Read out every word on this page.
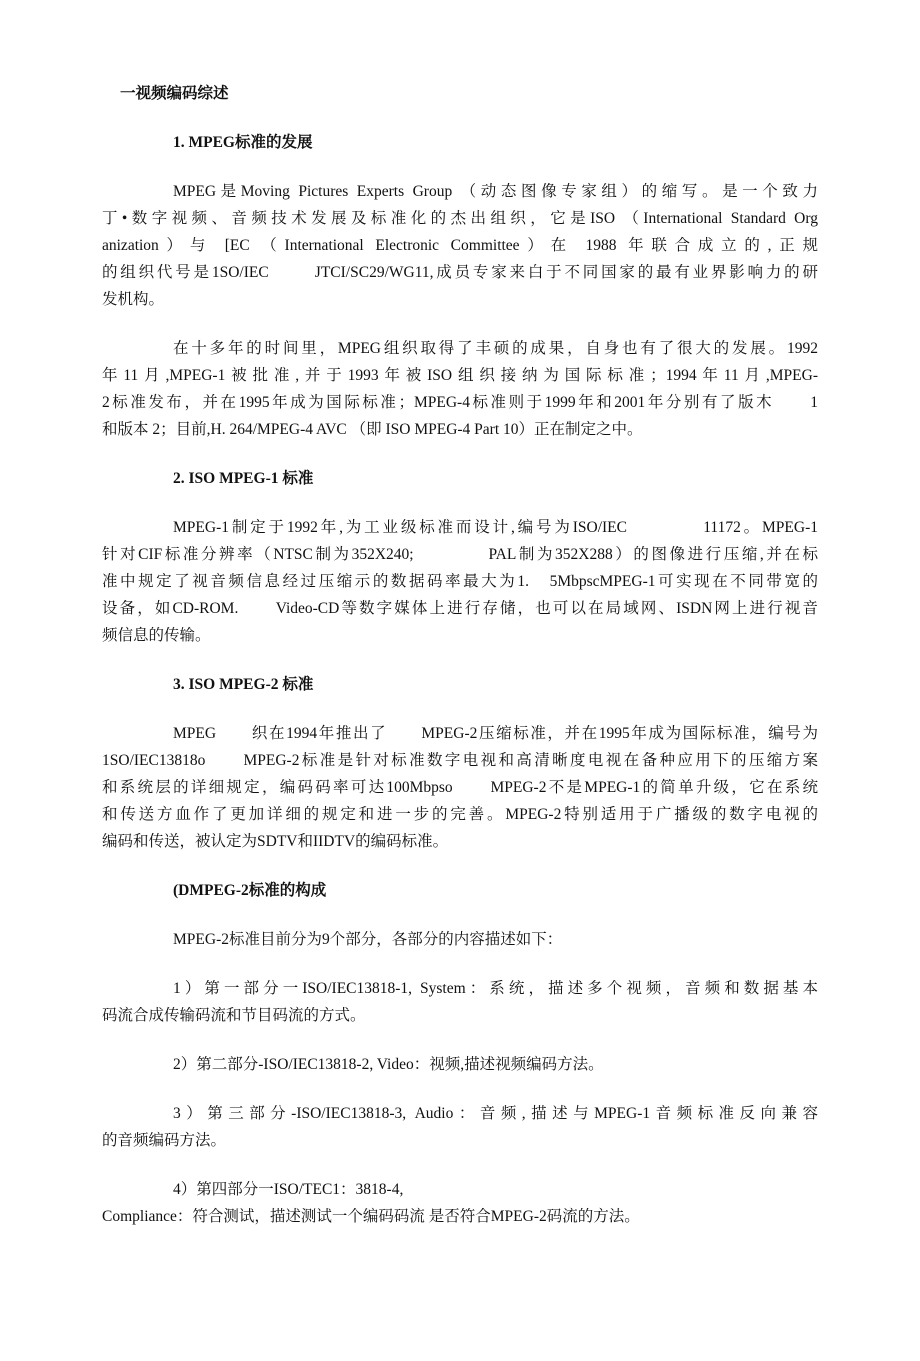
一视频编码综述
1. MPEG标准的发展
MPEG是Moving Pictures Experts Group （动态图像专家组）的缩写。是一个致力
丁•数字视频、音频技术发展及标准化的杰出组织，它是ISO （International Standard Org
anization）与 [EC （International Electronic Committee）在 1988 年联合成立的,正规
的组织代号是1SO/IEC　　 JTCI/SC29/WG11,成员专家来白于不同国家的最有业界影响力的研
发机构。
在十多年的时间里，MPEG组织取得了丰硕的成果，自身也有了很大的发展。1992
年11月,MPEG-1被批准,并于1993年被ISO组织接纳为国际标准；1994年11月,MPEG-
2标准发布，并在1995年成为国际标准；MPEG-4标准则于1999年和2001年分别有了版木　　1
和版本 2；目前,H. 264/MPEG-4 AVC （即 ISO MPEG-4 Part 10）正在制定之中。
2. ISO MPEG-1 标准
MPEG-1制定于1992年,为工业级标准而设计,编号为ISO/IEC　　　　11172。MPEG-1
针对CIF标准分辨率（NTSC制为352X240;　　　　PAL制为352X288）的图像进行压缩,并在标
准中规定了视音频信息经过压缩示的数据码率最大为1.　5MbpscMPEG-1可实现在不同带宽的
设备，如CD-ROM.　　Video-CD等数字媒体上进行存储，也可以在局域网、ISDN网上进行视音
频信息的传输。
3. ISO MPEG-2 标准
MPEG　　织在1994年推出了　　MPEG-2压缩标准，并在1995年成为国际标准，编号为
1SO/IEC13818o　　MPEG-2标准是针对标准数字电视和高清晰度电视在备种应用下的压缩方案
和系统层的详细规定，编码码率可达100Mbpso　　MPEG-2不是MPEG-1的简单升级，它在系统
和传送方血作了更加详细的规定和进一步的完善。MPEG-2特别适用于广播级的数字电视的
编码和传送，被认定为SDTV和IIDTV的编码标准。
(DMPEG-2标准的构成
MPEG-2标准目前分为9个部分，各部分的内容描述如下：
1）第一部分一ISO/IEC13818-1, System：系统，描述多个视频，音频和数据基本
码流合成传输码流和节目码流的方式。
2）第二部分-ISO/IEC13818-2, Video：视频,描述视频编码方法。
3）第三部分-ISO/IEC13818-3, Audio：音频,描述与MPEG-1音频标准反向兼容
的音频编码方法。
4）第四部分一ISO/TEC1：3818-4,
Compliance：符合测试，描述测试一个编码码流 是否符合MPEG-2码流的方法。
